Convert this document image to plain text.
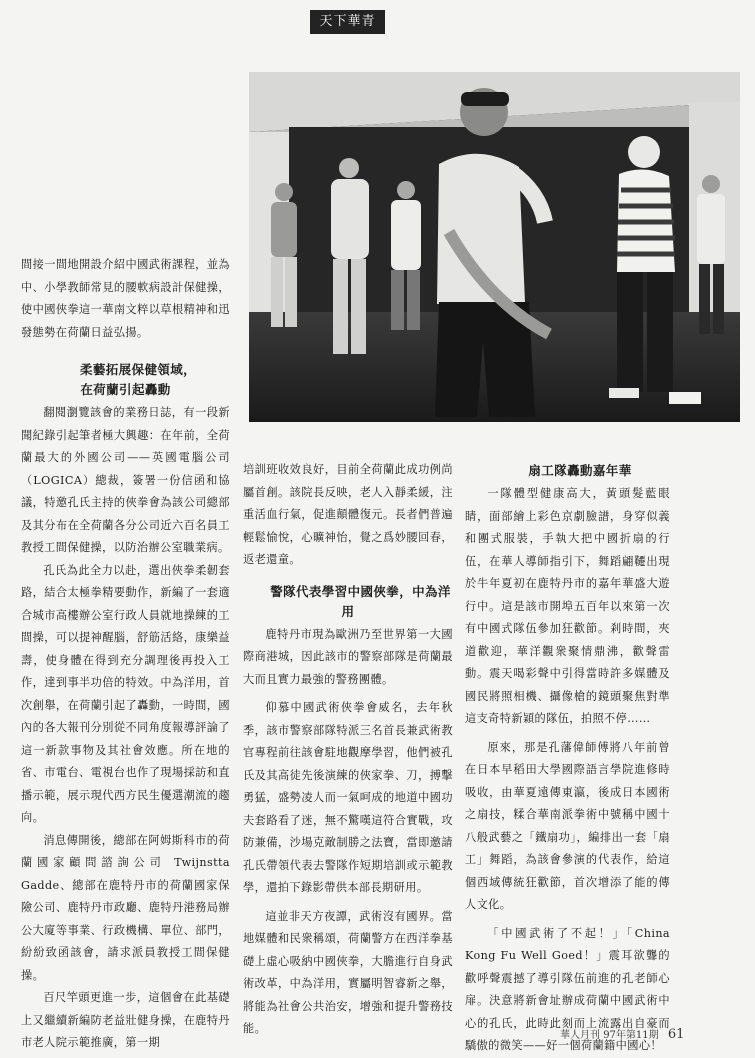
天下華青

間接一間地開設介紹中國武術課程，並為中、小學教師常見的腰軟病設計保健操，使中國俠拳這一華南文粹以草根精神和迅發態勢在荷蘭日益弘揚。

柔藝拓展保健領域，
在荷蘭引起轟動

翻閱瀏覽該會的業務日誌，有一段新聞紀錄引起筆者極大興趣：在年前，全荷蘭最大的外國公司——英國電腦公司（LOGICA）總裁，簽署一份信函和協議，特邀孔氏主持的俠拳會為該公司總部及其分布在全荷蘭各分公司近六百名員工教授工間保健操，以防治辦公室職業病。

孔氏為此全力以赴，選出俠拳柔韌套路，結合太極拳精要動作，新編了一套適合城市高樓辦公室行政人員就地操練的工間操，可以提神醒腦，舒筋活絡，康樂益壽，使身體在得到充分調理後再投入工作，達到事半功倍的特效。中為洋用，首次創舉，在荷蘭引起了轟動，一時間，國內的各大報刊分別從不同角度報導評論了這一新款事物及其社會效應。所在地的省、市電台、電視台也作了現場採訪和直播示範，展示現代西方民生優選潮流的趨向。

消息傳開後，總部在阿姆斯科市的荷蘭國家顧問諮詢公司 Twijnstta Gadde、總部在鹿特丹市的荷蘭國家保險公司、鹿特丹市政廳、鹿特丹港務局辦公大廈等事業、行政機構、單位、部門，紛紛致函該會，請求派員教授工間保健操。

百尺竿頭更進一步，這個會在此基礎上又繼續新編防老益壯健身操，在鹿特丹市老人院示範推廣，第一期

培訓班收效良好，目前全荷蘭此成功例尚屬首創。該院長反映，老人入靜柔緩，注重活血行氣，促進顛體復元。長者們普遍輕鬆愉悅，心曠神怡，覺之爲妙腰回春，返老還童。

警隊代表學習中國俠拳，中為洋用

鹿特丹市現為歐洲乃至世界第一大國際商港城，因此該市的警察部隊是荷蘭最大而且實力最強的警務團體。

仰慕中國武術俠拳會威名，去年秋季，該市警察部隊特派三名首長兼武術教官專程前往該會駐地觀摩學習，他們被孔氏及其高徒先後演練的俠家拳、刀，搏擊勇猛，盛勢凌人而一氣呵成的地道中國功夫套路看了迷，無不驚嘆這符合實戰，攻防兼備，沙場克敵制勝之法寶，當即邀請孔氏帶領代表去警隊作短期培訓或示範教學，還拍下錄影帶供本部長期研用。

這並非天方夜譚，武術沒有國界。當地媒體和民衆稱頌，荷蘭警方在西洋拳基礎上虛心吸納中國俠拳，大膽進行自身武術改革，中為洋用，實屬明智睿新之舉，將能為社會公共治安，增強和提升警務技能。

扇工隊轟動嘉年華

一隊體型健康高大，黃頭髮藍眼睛，面部繪上彩色京劇臉譜，身穿似義和團式服裝，手執大把中國折扇的行伍，在華人導師指引下，舞蹈翩韆出現於牛年夏初在鹿特丹市的嘉年華盛大遊行中。這是該市開埠五百年以來第一次有中國式隊伍參加狂歡節。剎時間，夾道歡迎，華洋觀衆聚情鼎沸，歡聲雷動。震天喝彩聲中引得當時許多媒體及國民將照相機、攝像槍的鏡頭聚焦對準這支奇特新穎的隊伍，拍照不停……

原來，那是孔藩偉師傅將八年前曾在日本早稻田大學國際語言學院進修時吸收，由華夏遠傳東瀛，後成日本國術之扇技，糅合華南派拳術中號稱中國十八般武藝之「鐵扇功」，編排出一套「扇工」舞蹈，為該會參演的代表作，給這個西域傳統狂歡節，首次增添了能的傳人文化。

「中國武術了不起！」「China Kong Fu Well Goed！」震耳欲聾的歡呼聲震撼了導引隊伍前進的孔老師心扉。決意將新會址辦成荷蘭中國武術中心的孔氏，此時此刻而上流露出自豪而驕傲的微笑——好一個荷蘭籍中國心！

華人月刊 97年第11期 61
